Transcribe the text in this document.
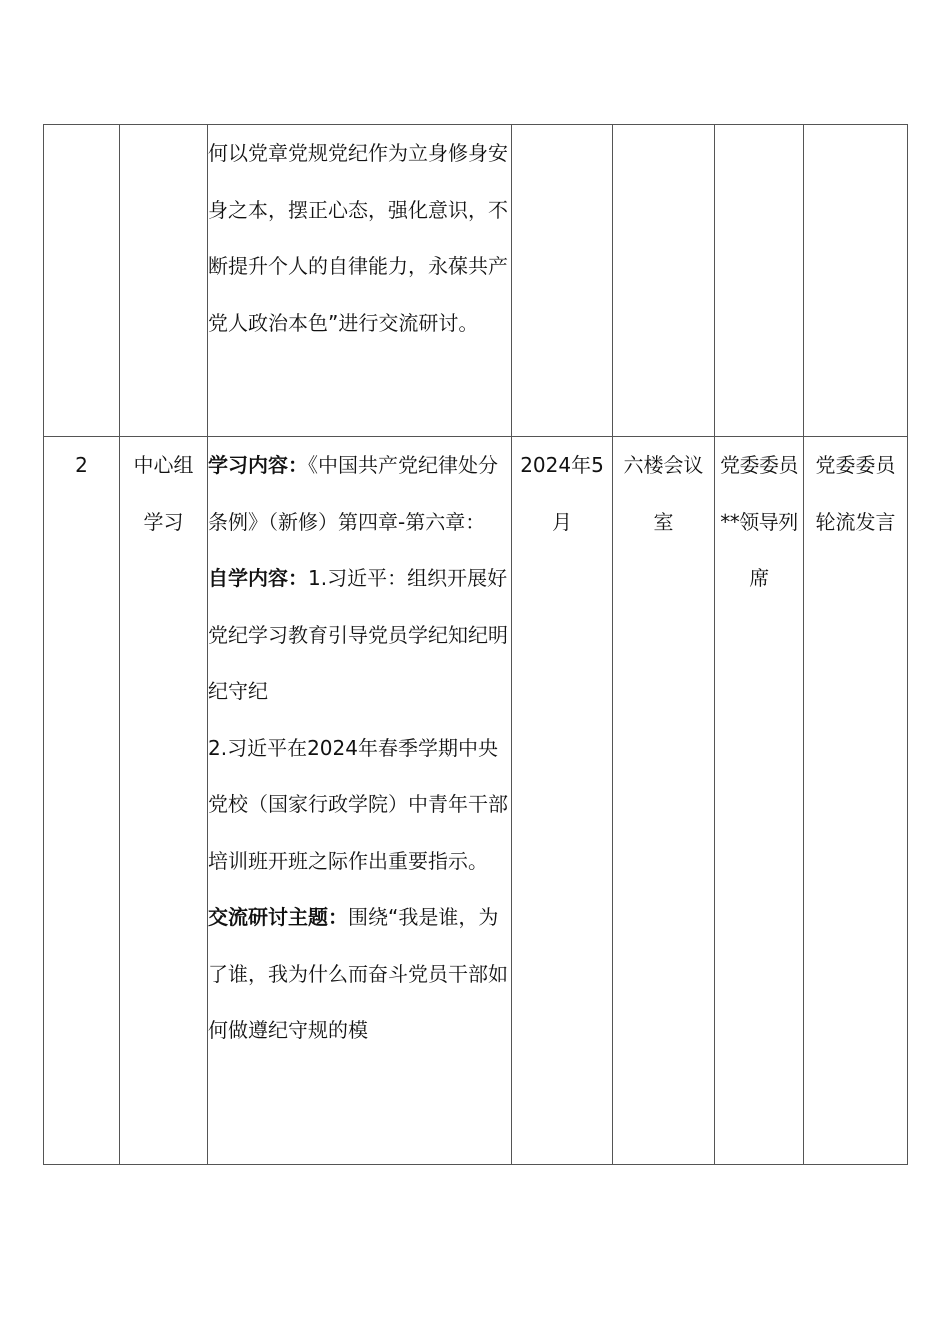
		何以党章党规党纪作为立身修身安身之本，摆正心态，强化意识，不断提升个人的自律能力，永葆共产党人政治本色”进行交流研讨。				

2	中心组学习	学习内容：《中国共产党纪律处分条例》（新修）第四章-第六章：
自学内容：1.习近平：组织开展好党纪学习教育引导党员学纪知纪明纪守纪
2.习近平在2024年春季学期中央党校（国家行政学院）中青年干部培训班开班之际作出重要指示。
交流研讨主题：围绕“我是谁，为了谁，我为什么而奋斗党员干部如何做遵纪守规的模	2024年5月	六楼会议室	党委委员**领导列席	党委委员轮流发言
